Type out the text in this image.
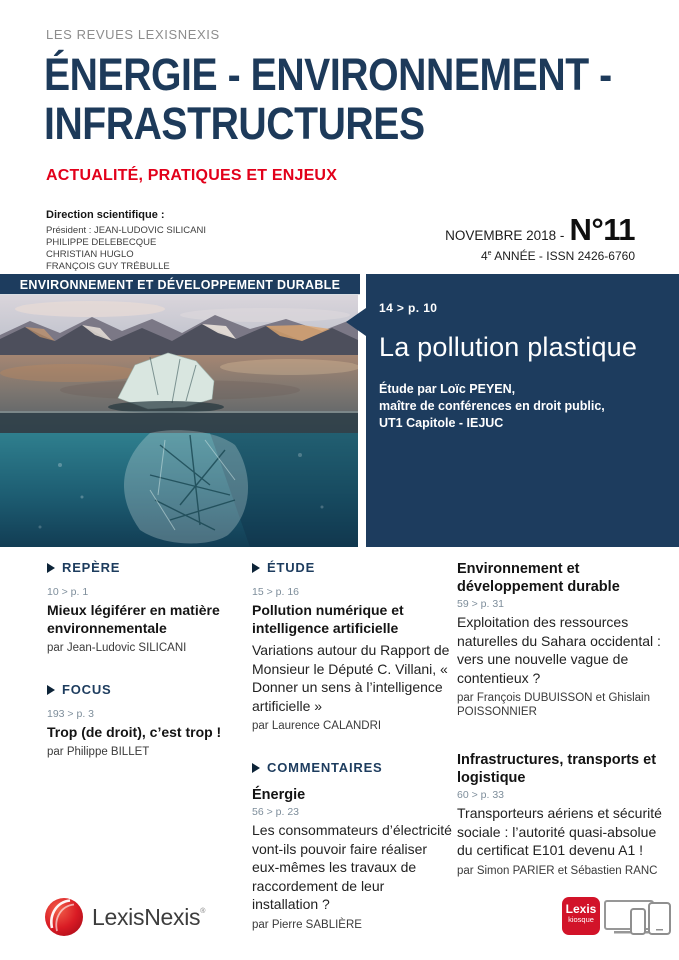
LES REVUES LEXISNEXIS
ÉNERGIE - ENVIRONNEMENT -
INFRASTRUCTURES
ACTUALITÉ, PRATIQUES ET ENJEUX
Direction scientifique :
Président : JEAN-LUDOVIC SILICANI
PHILIPPE DELEBECQUE
CHRISTIAN HUGLO
FRANÇOIS GUY TRÉBULLE
NOVEMBRE 2018 - N°11
4e ANNÉE - ISSN 2426-6760
ENVIRONNEMENT ET DÉVELOPPEMENT DURABLE
14 > p. 10
La pollution plastique
Étude par Loïc PEYEN,
maître de conférences en droit public,
UT1 Capitole - IEJUC
REPÈRE
10 > p. 1
Mieux légiférer en matière environnementale
par Jean-Ludovic SILICANI
FOCUS
193 > p. 3
Trop (de droit), c’est trop !
par Philippe BILLET
ÉTUDE
15 > p. 16
Pollution numérique et intelligence artificielle
Variations autour du Rapport de Monsieur le Député C. Villani, « Donner un sens à l’intelligence artificielle »
par Laurence CALANDRI
COMMENTAIRES
Énergie
56 > p. 23
Les consommateurs d’électricité vont-ils pouvoir faire réaliser eux-mêmes les travaux de raccordement de leur installation ?
par Pierre SABLIÈRE
Environnement et développement durable
59 > p. 31
Exploitation des ressources naturelles du Sahara occidental : vers une nouvelle vague de contentieux ?
par François DUBUISSON et Ghislain POISSONNIER
Infrastructures, transports et logistique
60 > p. 33
Transporteurs aériens et sécurité sociale : l’autorité quasi-absolue du certificat E101 devenu A1 !
par Simon PARIER et Sébastien RANC
LexisNexis®	Lexis
kiosque
